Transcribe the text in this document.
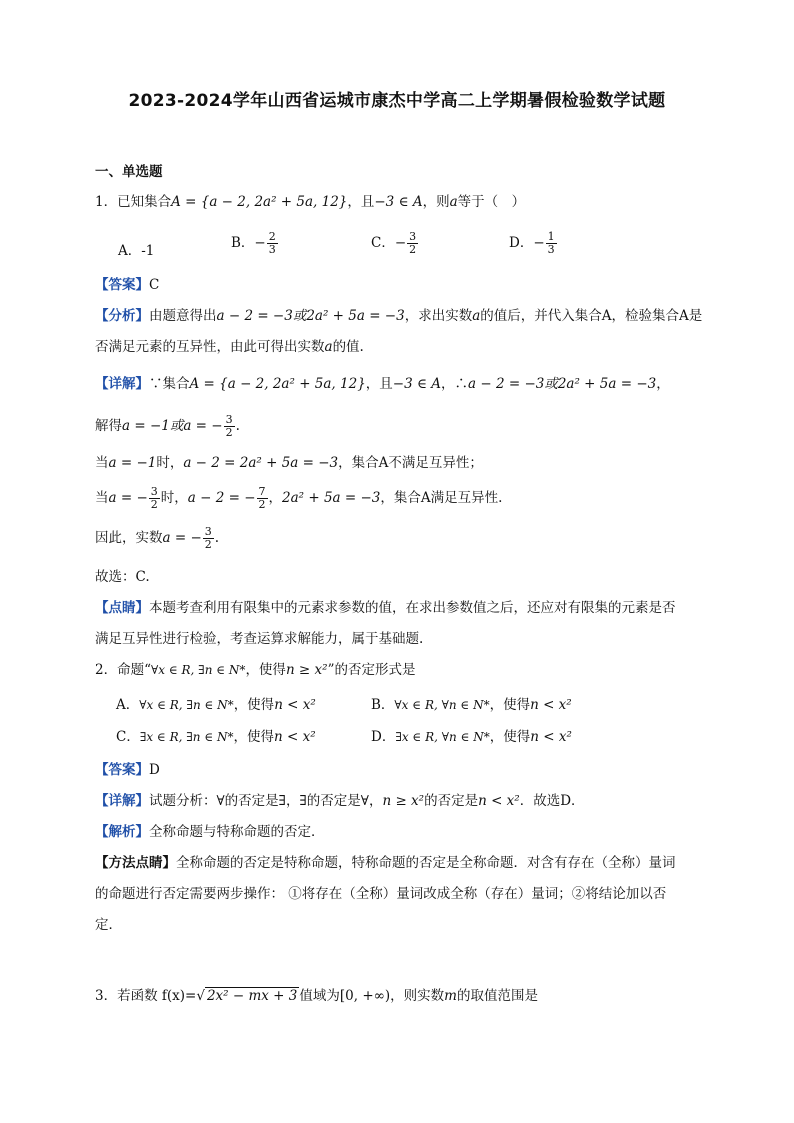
2023-2024学年山西省运城市康杰中学高二上学期暑假检验数学试题
一、单选题
1．已知集合A = {a − 2, 2a² + 5a, 12}，且−3 ∈ A，则a等于（　）
A．-1	B．− $\frac{2}{3}$	C．− $\frac{3}{2}$	D．− $\frac{1}{3}$
【答案】C
【分析】由题意得出a − 2 = −3或2a² + 5a = −3，求出实数a的值后，并代入集合A，检验集合A是
否满足元素的互异性，由此可得出实数a的值.
【详解】∵集合A = {a − 2, 2a² + 5a, 12}，且−3 ∈ A，∴a − 2 = −3或2a² + 5a = −3，
解得a = −1或a = − $\frac{3}{2}$ .
当a = −1时，a − 2 = 2a² + 5a = −3，集合A不满足互异性；
当a = − $\frac{3}{2}$ 时，a − 2 = − $\frac{7}{2}$ ，2a² + 5a = −3，集合A满足互异性.
因此，实数a = − $\frac{3}{2}$ .
故选：C.
【点睛】本题考查利用有限集中的元素求参数的值，在求出参数值之后，还应对有限集的元素是否
满足互异性进行检验，考查运算求解能力，属于基础题.
2．命题“∀x ∈ R, ∃n ∈ N*，使得n ≥ x²”的否定形式是
A．∀x ∈ R, ∃n ∈ N*，使得n < x²	B．∀x ∈ R, ∀n ∈ N*，使得n < x²
C．∃x ∈ R, ∃n ∈ N*，使得n < x²	D．∃x ∈ R, ∀n ∈ N*，使得n < x²
【答案】D
【详解】试题分析：∀的否定是∃，∃的否定是∀，n ≥ x²的否定是n < x²．故选D．
【解析】全称命题与特称命题的否定．
【方法点睛】全称命题的否定是特称命题，特称命题的否定是全称命题．对含有存在（全称）量词
的命题进行否定需要两步操作： ①将存在（全称）量词改成全称（存在）量词；②将结论加以否
定．
3．若函数 f(x)=√ 2x² − mx + 3 值域为[0, +∞)，则实数m的取值范围是
